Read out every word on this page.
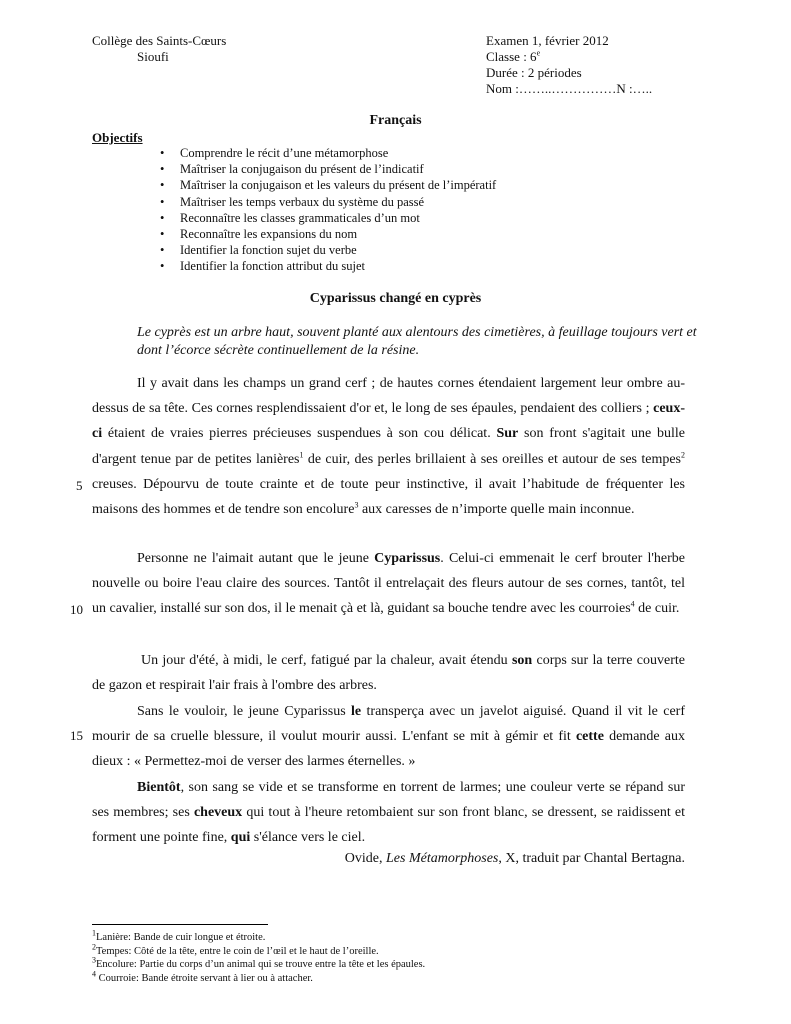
Collège des Saints-Cœurs
Sioufi
Examen 1, février 2012
Classe : 6e
Durée : 2 périodes
Nom :……..……………N :…..
Français
Objectifs
• Comprendre le récit d’une métamorphose
• Maîtriser la conjugaison du présent de l’indicatif
• Maîtriser la conjugaison et les valeurs du présent de l’impératif
• Maîtriser les temps verbaux du système du passé
• Reconnaître les classes grammaticales d’un mot
• Reconnaître les expansions du nom
• Identifier la fonction sujet du verbe
• Identifier la fonction attribut du sujet
Cyparissus changé en cyprès
Le cyprès est un arbre haut, souvent planté aux alentours des cimetières, à feuillage toujours vert et dont l’écorce sécrète continuellement de la résine.
Il y avait dans les champs un grand cerf ; de hautes cornes étendaient largement leur ombre au-dessus de sa tête. Ces cornes resplendissaient d'or et, le long de ses épaules, pendaient des colliers ; ceux-ci étaient de vraies pierres précieuses suspendues à son cou délicat. Sur son front s'agitait une bulle d'argent tenue par de petites lanières$^1$ de cuir, des perles brillaient à ses oreilles et autour de ses tempes$^2$ creuses. Dépourvu de toute crainte et de toute peur instinctive, il avait l’habitude de fréquenter les maisons des hommes et de tendre son encolure$^3$ aux caresses de n’importe quelle main inconnue.
Personne ne l'aimait autant que le jeune Cyparissus. Celui-ci emmenait le cerf brouter l'herbe nouvelle ou boire l'eau claire des sources. Tantôt il entrelaçait des fleurs autour de ses cornes, tantôt, tel un cavalier, installé sur son dos, il le menait çà et là, guidant sa bouche tendre avec les courroies$^4$ de cuir.
Un jour d'été, à midi, le cerf, fatigué par la chaleur, avait étendu son corps sur la terre couverte de gazon et respirait l'air frais à l'ombre des arbres.
Sans le vouloir, le jeune Cyparissus le transperça avec un javelot aiguisé. Quand il vit le cerf mourir de sa cruelle blessure, il voulut mourir aussi. L'enfant se mit à gémir et fit cette demande aux dieux : « Permettez-moi de verser des larmes éternelles. »
Bientôt, son sang se vide et se transforme en torrent de larmes; une couleur verte se répand sur ses membres; ses cheveux qui tout à l'heure retombaient sur son front blanc, se dressent, se raidissent et forment une pointe fine, qui s'élance vers le ciel.
Ovide, Les Métamorphoses, X, traduit par Chantal Bertagna.
5
10
15
$^1$Lanière: Bande de cuir longue et étroite.
$^2$Tempes: Côté de la tête, entre le coin de l’œil et le haut de l’oreille.
$^3$Encolure: Partie du corps d’un animal qui se trouve entre la tête et les épaules.
$^4$ Courroie: Bande étroite servant à lier ou à attacher.
